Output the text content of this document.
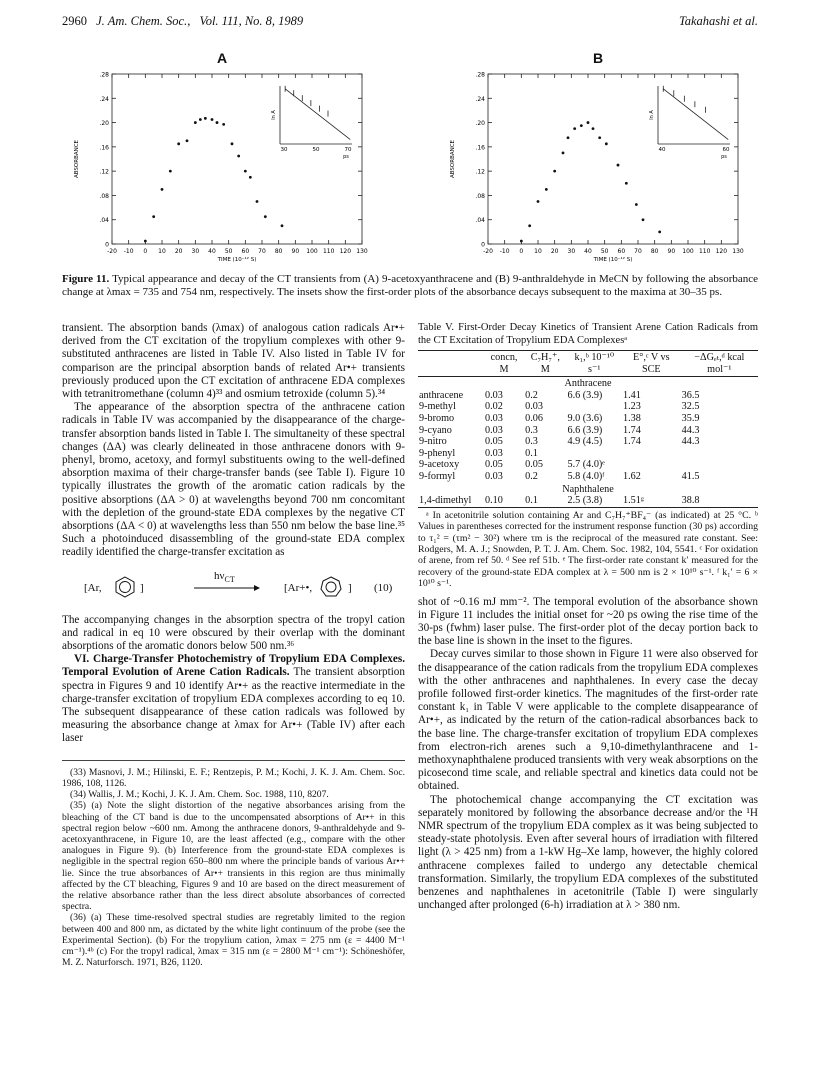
2960 J. Am. Chem. Soc., Vol. 111, No. 8, 1989	Takahashi et al.
A
0
.04
.08
.12
.16
.20
.24
.28
-20 -10 0 10 20 30 40 50 60 70 80 90 100 110 120 130
TIME (10⁻¹² S)
ABSORBANCE	30	50	70
ps
ln A
B
0
.04
.08
.12
.16
.20
.24
.28
-20 -10 0 10 20 30 40 50 60 70 80 90 100 110 120 130
TIME (10⁻¹² S)
ABSORBANCE	40	60
ps
ln A
Figure 11. Typical appearance and decay of the CT transients from (A) 9-acetoxyanthracene and (B) 9-anthraldehyde in MeCN by following the absorbance change at λmax = 735 and 754 nm, respectively. The insets show the first-order plots of the absorbance decays subsequent to the maxima at 30–35 ps.

transient. The absorption bands (λmax) of analogous cation radicals Ar•+ derived from the CT excitation of the tropylium complexes with other 9-substituted anthracenes are listed in Table IV. Also listed in Table IV for comparison are the principal absorption bands of related Ar•+ transients previously produced upon the CT excitation of anthracene EDA complexes with tetranitromethane (column 4)³³ and osmium tetroxide (column 5).³⁴

The appearance of the absorption spectra of the anthracene cation radicals in Table IV was accompanied by the disappearance of the charge-transfer absorption bands listed in Table I. The simultaneity of these spectral changes (ΔA) was clearly delineated in those anthracene donors with 9-phenyl, bromo, acetoxy, and formyl substituents owing to the well-defined absorption maxima of their charge-transfer bands (see Table I). Figure 10 typically illustrates the growth of the aromatic cation radicals by the positive absorptions (ΔA > 0) at wavelengths beyond 700 nm concomitant with the depletion of the ground-state EDA complexes by the negative CT absorptions (ΔA < 0) at wavelengths less than 550 nm below the base line.³⁵ Such a photoinduced disassembling of the ground-state EDA complex readily identified the charge-transfer excitation as

[Ar,	]
$h\nu_{CT}$
[Ar+•,	] (10)

The accompanying changes in the absorption spectra of the tropyl cation and radical in eq 10 were obscured by their overlap with the dominant absorptions of the aromatic donors below 500 nm.³⁶

VI. Charge-Transfer Photochemistry of Tropylium EDA Complexes. Temporal Evolution of Arene Cation Radicals. The transient absorption spectra in Figures 9 and 10 identify Ar•+ as the reactive intermediate in the charge-transfer excitation of tropylium EDA complexes according to eq 10. The subsequent disappearance of these cation radicals was followed by measuring the absorbance change at λmax for Ar•+ (Table IV) after each laser

(33) Masnovi, J. M.; Hilinski, E. F.; Rentzepis, P. M.; Kochi, J. K. J. Am. Chem. Soc. 1986, 108, 1126.
(34) Wallis, J. M.; Kochi, J. K. J. Am. Chem. Soc. 1988, 110, 8207.
(35) (a) Note the slight distortion of the negative absorbances arising from the bleaching of the CT band is due to the uncompensated absorptions of Ar•+ in this spectral region below ~600 nm. Among the anthracene donors, 9-anthraldehyde and 9-acetoxyanthracene, in Figure 10, are the least affected (e.g., compare with the other analogues in Figure 9). (b) Interference from the ground-state EDA complexes is negligible in the spectral region 650–800 nm where the principle bands of various Ar•+ lie. Since the true absorbances of Ar•+ transients in this region are thus minimally affected by the CT bleaching, Figures 9 and 10 are based on the direct measurement of the relative absorbance rather than the less direct absolute absorbances of corrected spectra.
(36) (a) These time-resolved spectral studies are regretably limited to the region between 400 and 800 nm, as dictated by the white light continuum of the probe (see the Experimental Section). (b) For the tropylium cation, λmax = 275 nm (ε = 4400 M⁻¹ cm⁻¹).⁴ᵇ (c) For the tropyl radical, λmax = 315 nm (ε = 2800 M⁻¹ cm⁻¹): Schöneshöfer, M. Z. Naturforsch. 1971, B26, 1120.
Table V. First-Order Decay Kinetics of Transient Arene Cation Radicals from the CT Excitation of Tropylium EDA Complexesᵃ
	concn, M	C₇H₇⁺, M	k₁,ᵇ 10⁻¹⁰ s⁻¹	E°,ᶜ V vs SCE	−ΔGₑₜ,ᵈ kcal mol⁻¹
Anthracene					
anthracene	0.03	0.2	6.6 (3.9)	1.41	36.5
9-methyl	0.02	0.03		1.23	32.5
9-bromo	0.03	0.06	9.0 (3.6)	1.38	35.9
9-cyano	0.03	0.3	6.6 (3.9)	1.74	44.3
9-nitro	0.05	0.3	4.9 (4.5)	1.74	44.3
9-phenyl	0.03	0.1			
9-acetoxy	0.05	0.05	5.7 (4.0)ᵉ		
9-formyl	0.03	0.2	5.8 (4.0)ᶠ	1.62	41.5
Naphthalene					
1,4-dimethyl	0.10	0.1	2.5 (3.8)	1.51ᵍ	38.8
ᵃ In acetonitrile solution containing Ar and C₇H₇⁺BF₄⁻ (as indicated) at 25 °C. ᵇ Values in parentheses corrected for the instrument response function (30 ps) according to τ₁² = (τm² − 30²) where τm is the reciprocal of the measured rate constant. See: Rodgers, M. A. J.; Snowden, P. T. J. Am. Chem. Soc. 1982, 104, 5541. ᶜ For oxidation of arene, from ref 50. ᵈ See ref 51b. ᵉ The first-order rate constant k′ measured for the recovery of the ground-state EDA complex at λ = 500 nm is 2 × 10¹⁰ s⁻¹. ᶠ k₁′ = 6 × 10¹⁰ s⁻¹.

shot of ~0.16 mJ mm⁻². The temporal evolution of the absorbance shown in Figure 11 includes the initial onset for ~20 ps owing the rise time of the 30-ps (fwhm) laser pulse. The first-order plot of the decay portion back to the base line is shown in the inset to the figures.

Decay curves similar to those shown in Figure 11 were also observed for the disappearance of the cation radicals from the tropylium EDA complexes with the other anthracenes and naphthalenes. In every case the decay profile followed first-order kinetics. The magnitudes of the first-order rate constant k₁ in Table V were applicable to the complete disappearance of Ar•+, as indicated by the return of the cation-radical absorbances back to the base line. The charge-transfer excitation of tropylium EDA complexes from electron-rich arenes such a 9,10-dimethylanthracene and 1-methoxynaphthalene produced transients with very weak absorptions on the picosecond time scale, and reliable spectral and kinetics data could not be obtained.

The photochemical change accompanying the CT excitation was separately monitored by following the absorbance decrease and/or the ¹H NMR spectrum of the tropylium EDA complex as it was being subjected to steady-state photolysis. Even after several hours of irradiation with filtered light (λ > 425 nm) from a 1-kW Hg–Xe lamp, however, the highly colored anthracene complexes failed to undergo any detectable chemical transformation. Similarly, the tropylium EDA complexes of the substituted benzenes and naphthalenes in acetonitrile (Table I) were singularly unchanged after prolonged (6-h) irradiation at λ > 380 nm.
